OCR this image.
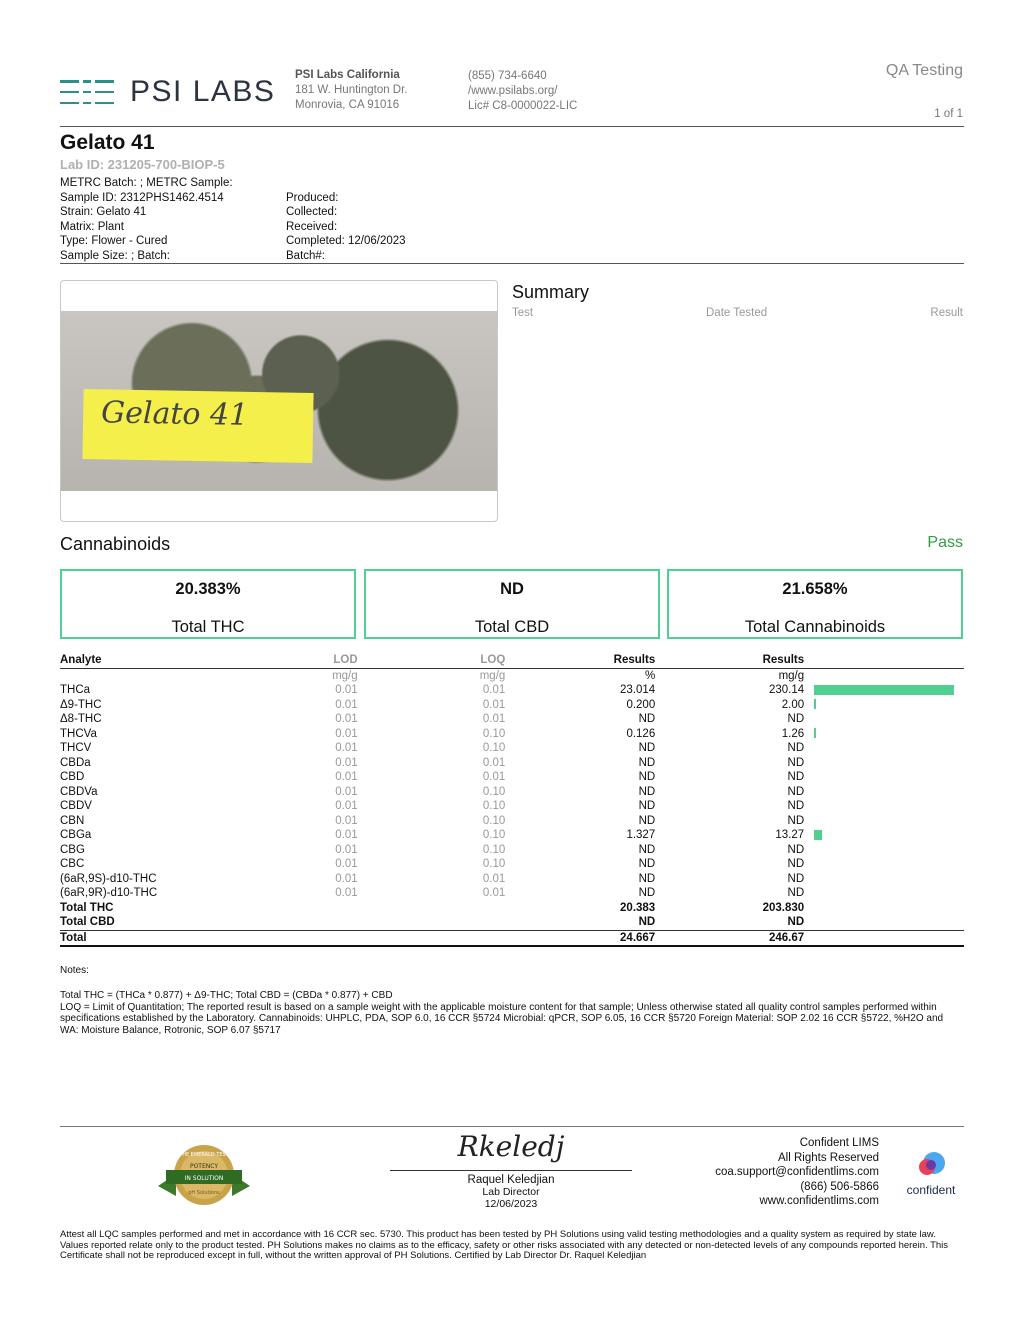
PSI LABS PSI Labs California
181 W. Huntington Dr.
Monrovia, CA 91016
(855) 734-6640
/www.psilabs.org/
Lic# C8-0000022-LIC
QA Testing
1 of 1
Gelato 41
Lab ID: 231205-700-BIOP-5
METRC Batch: ; METRC Sample:
Sample ID: 2312PHS1462.4514
Strain: Gelato 41
Matrix: Plant
Type: Flower - Cured
Sample Size: ; Batch:
Produced:
Collected:
Received:
Completed: 12/06/2023
Batch#:
Gelato 41
Summary
Test	Date Tested	Result
Cannabinoids	Pass
20.383%
Total THC
ND
Total CBD
21.658%
Total Cannabinoids
Analyte	LOD	LOQ	Results	Results	
	mg/g	mg/g	%	mg/g	
THCa	0.01	0.01	23.014	230.14	
Δ9-THC	0.01	0.01	0.200	2.00	
Δ8-THC	0.01	0.01	ND	ND	
THCVa	0.01	0.10	0.126	1.26	
THCV	0.01	0.10	ND	ND	
CBDa	0.01	0.01	ND	ND	
CBD	0.01	0.01	ND	ND	
CBDVa	0.01	0.10	ND	ND	
CBDV	0.01	0.10	ND	ND	
CBN	0.01	0.10	ND	ND	
CBGa	0.01	0.10	1.327	13.27	
CBG	0.01	0.10	ND	ND	
CBC	0.01	0.10	ND	ND	
(6aR,9S)-d10-THC	0.01	0.01	ND	ND	
(6aR,9R)-d10-THC	0.01	0.01	ND	ND	
Total THC			20.383	203.830	
Total CBD			ND	ND	
Total			24.667	246.67	
Notes:
Total THC = (THCa * 0.877) + Δ9-THC; Total CBD = (CBDa * 0.877) + CBD
LOQ = Limit of Quantitation; The reported result is based on a sample weight with the applicable moisture content for that sample; Unless otherwise stated all quality control samples performed within specifications established by the Laboratory. Cannabinoids: UHPLC, PDA, SOP 6.0, 16 CCR §5724 Microbial: qPCR, SOP 6.05, 16 CCR §5720 Foreign Material: SOP 2.02 16 CCR §5722, %H2O and WA: Moisture Balance, Rotronic, SOP 6.07 §5717
THE EMERALD TEST
POTENCY
IN SOLUTION
pH Solutions
Rkeledj
Raquel Keledjian
Lab Director
12/06/2023
Confident LIMS
All Rights Reserved
coa.support@confidentlims.com
(866) 506-5866
www.confidentlims.com
confident
Attest all LQC samples performed and met in accordance with 16 CCR sec. 5730. This product has been tested by PH Solutions using valid testing methodologies and a quality system as required by state law. Values reported relate only to the product tested. PH Solutions makes no claims as to the efficacy, safety or other risks associated with any detected or non-detected levels of any compounds reported herein. This Certificate shall not be reproduced except in full, without the written approval of PH Solutions. Certified by Lab Director Dr. Raquel Keledjian
